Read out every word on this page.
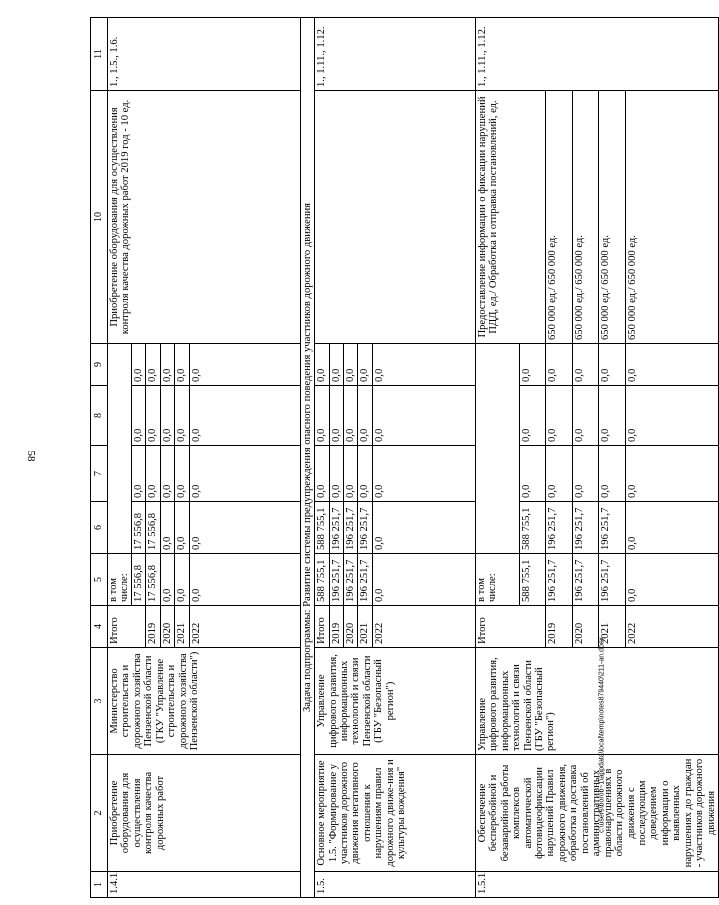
58
1	2	3	4	5	6	7	8	9	10	11
1.4.1.	Приобретение оборудования для осуществления контроля качества дорожных работ	Министерство строительства и дорожного хозяйства Пензенской области (ГКУ "Управление строительства и дорожного хозяйства Пензенской области")	Итого	в том числе:					Приобретение оборудования для осуществления контроля качества дорожных работ 2019 год - 10 ед.	1., 1.5., 1.6.
				17 556,8	17 556,8	0,0	0,0	0,0		
			2019	17 556,8	17 556,8	0,0	0,0	0,0		
			2020	0,0	0,0	0,0	0,0	0,0		
			2021	0,0	0,0	0,0	0,0	0,0		
			2022	0,0	0,0	0,0	0,0	0,0		
Задача подпрограммы: Развитие системы предупреждения опасного поведения участников дорожного движения										
1.5.	Основное мероприятие 1.5. "Формирование у участников дорожного движения негативного отношения к нарушениям правил дорожного движе-ния и культуры вождения"	Управление цифрового развития, информационных технологий и связи Пензенской области (ГБУ "Безопасный регион")	Итого	588 755,1	588 755,1	0,0	0,0	0,0		1., 1.11., 1.12.
			2019	196 251,7	196 251,7	0,0	0,0	0,0		
			2020	196 251,7	196 251,7	0,0	0,0	0,0		
			2021	196 251,7	196 251,7	0,0	0,0	0,0		
			2022	0,0	0,0	0,0	0,0	0,0		
1.5.1.	Обеспечение бесперебойной и безаварийной работы комплексов автоматической фотовидеофиксации нарушений Правил дорожного движения, обработка и доставка постановлений об административных правонарушениях в области дорожного движения с последующим доведением информации о выявленных нарушениях до граждан - участников дорожного движения	Управление цифрового развития, информационных технологий и связи Пензенской области (ГБУ "Безопасный регион")	Итого	в том числе:					Предоставление информации о фиксации нарушений ПДД, ед./ Обработка и отправка постановлений, ед.	1., 1.11., 1.12.
				588 755,1	588 755,1	0,0	0,0	0,0		
			2019	196 251,7	196 251,7	0,0	0,0	0,0	650 000 ед./ 650 000 ед.	
			2020	196 251,7	196 251,7	0,0	0,0	0,0	650 000 ед./ 650 000 ед.	
			2021	196 251,7	196 251,7	0,0	0,0	0,0	650 000 ед./ 650 000 ед.	
			2022	0,0	0,0	0,0	0,0	0,0	650 000 ед./ 650 000 ед.	
c:\users\borob~1\appdata\local\temp\notes879440\211-an.docx
